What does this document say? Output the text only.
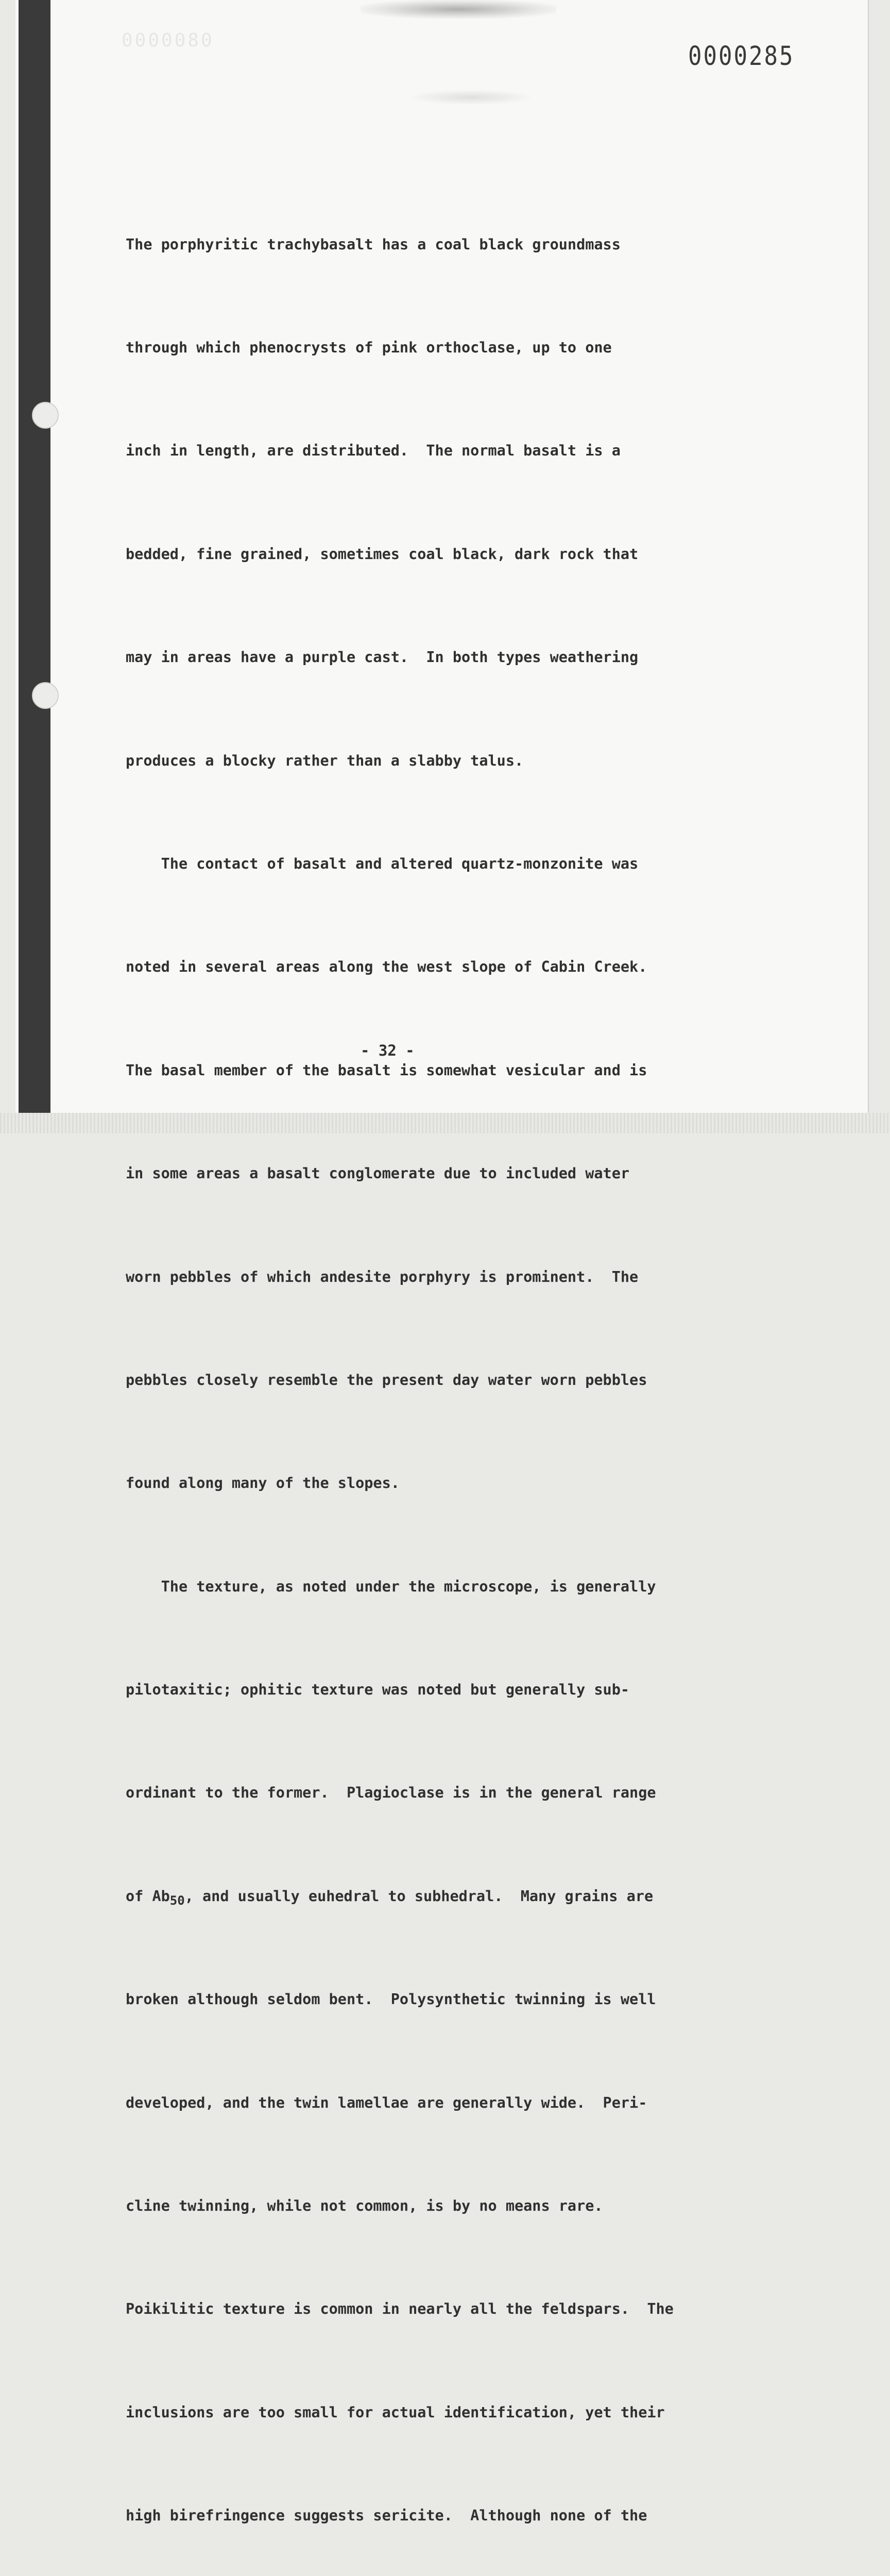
0000080
0000285

The porphyritic trachybasalt has a coal black groundmass

through which phenocrysts of pink orthoclase, up to one

inch in length, are distributed.  The normal basalt is a

bedded, fine grained, sometimes coal black, dark rock that

may in areas have a purple cast.  In both types weathering

produces a blocky rather than a slabby talus.

The contact of basalt and altered quartz-monzonite was

noted in several areas along the west slope of Cabin Creek.

The basal member of the basalt is somewhat vesicular and is

in some areas a basalt conglomerate due to included water

worn pebbles of which andesite porphyry is prominent.  The

pebbles closely resemble the present day water worn pebbles

found along many of the slopes.

The texture, as noted under the microscope, is generally

pilotaxitic; ophitic texture was noted but generally sub-

ordinant to the former.  Plagioclase is in the general range

of $Ab_{50}$, and usually euhedral to subhedral.  Many grains are

broken although seldom bent.  Polysynthetic twinning is well

developed, and the twin lamellae are generally wide.  Peri-

cline twinning, while not common, is by no means rare.

Poikilitic texture is common in nearly all the feldspars.  The

inclusions are too small for actual identification, yet their

high birefringence suggests sericite.  Although none of the

- 32 -
